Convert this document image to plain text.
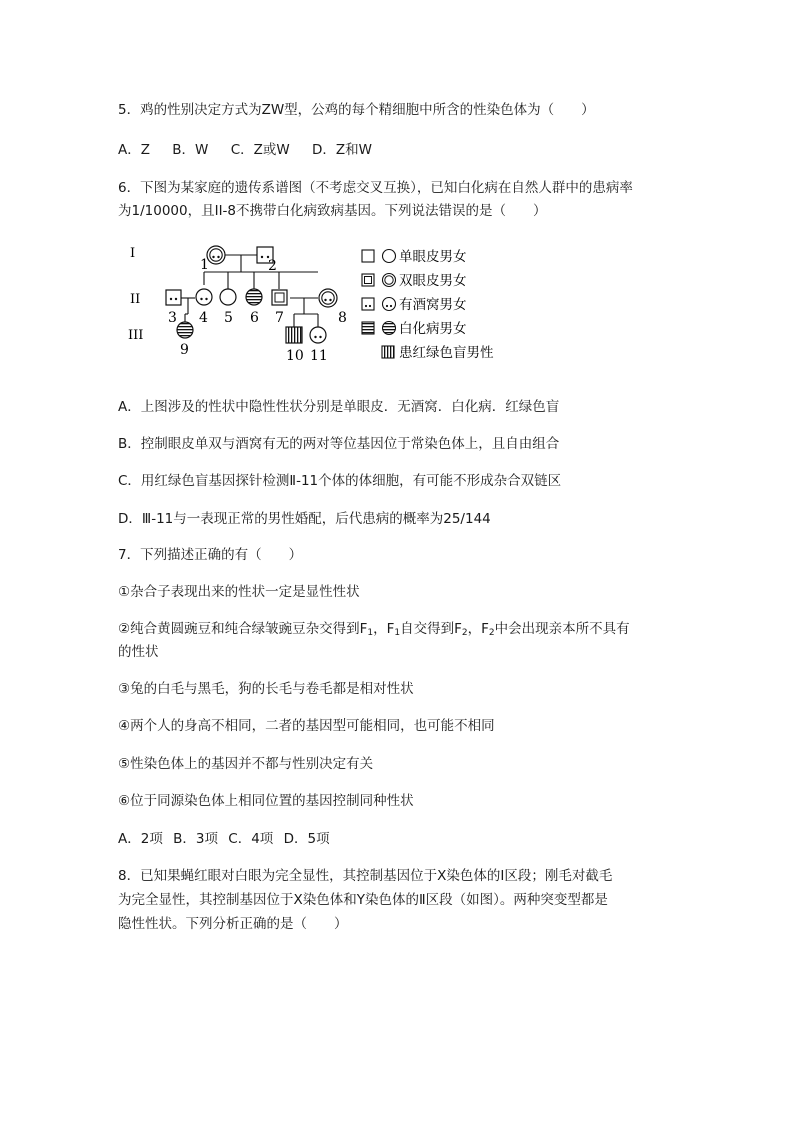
5．鸡的性别决定方式为ZW型，公鸡的每个精细胞中所含的性染色体为（　　）
A．Z B．W C．Z或W D．Z和W
6．下图为某家庭的遗传系谱图（不考虑交叉互换），已知白化病在自然人群中的患病率
为1/10000，且II-8不携带白化病致病基因。下列说法错误的是（　　）
I
II
III
1	2
3 4 5 6 7	8
9	10 11
单眼皮男女
双眼皮男女
有酒窝男女
白化病男女
患红绿色盲男性
A．上图涉及的性状中隐性性状分别是单眼皮．无酒窝．白化病．红绿色盲
B．控制眼皮单双与酒窝有无的两对等位基因位于常染色体上，且自由组合
C．用红绿色盲基因探针检测Ⅱ-11个体的体细胞，有可能不形成杂合双链区
D．Ⅲ-11与一表现正常的男性婚配，后代患病的概率为25/144
7．下列描述正确的有（　　）
①杂合子表现出来的性状一定是显性性状
②纯合黄圆豌豆和纯合绿皱豌豆杂交得到$F_1$，$F_1$自交得到$F_2$，$F_2$中会出现亲本所不具有
的性状
③兔的白毛与黑毛，狗的长毛与卷毛都是相对性状
④两个人的身高不相同，二者的基因型可能相同，也可能不相同
⑤性染色体上的基因并不都与性别决定有关
⑥位于同源染色体上相同位置的基因控制同种性状
A．2项 B．3项 C．4项 D．5项
8．已知果蝇红眼对白眼为完全显性，其控制基因位于X染色体的Ⅰ区段；刚毛对截毛
为完全显性，其控制基因位于X染色体和Y染色体的Ⅱ区段（如图）。两种突变型都是
隐性性状。下列分析正确的是（　　）
